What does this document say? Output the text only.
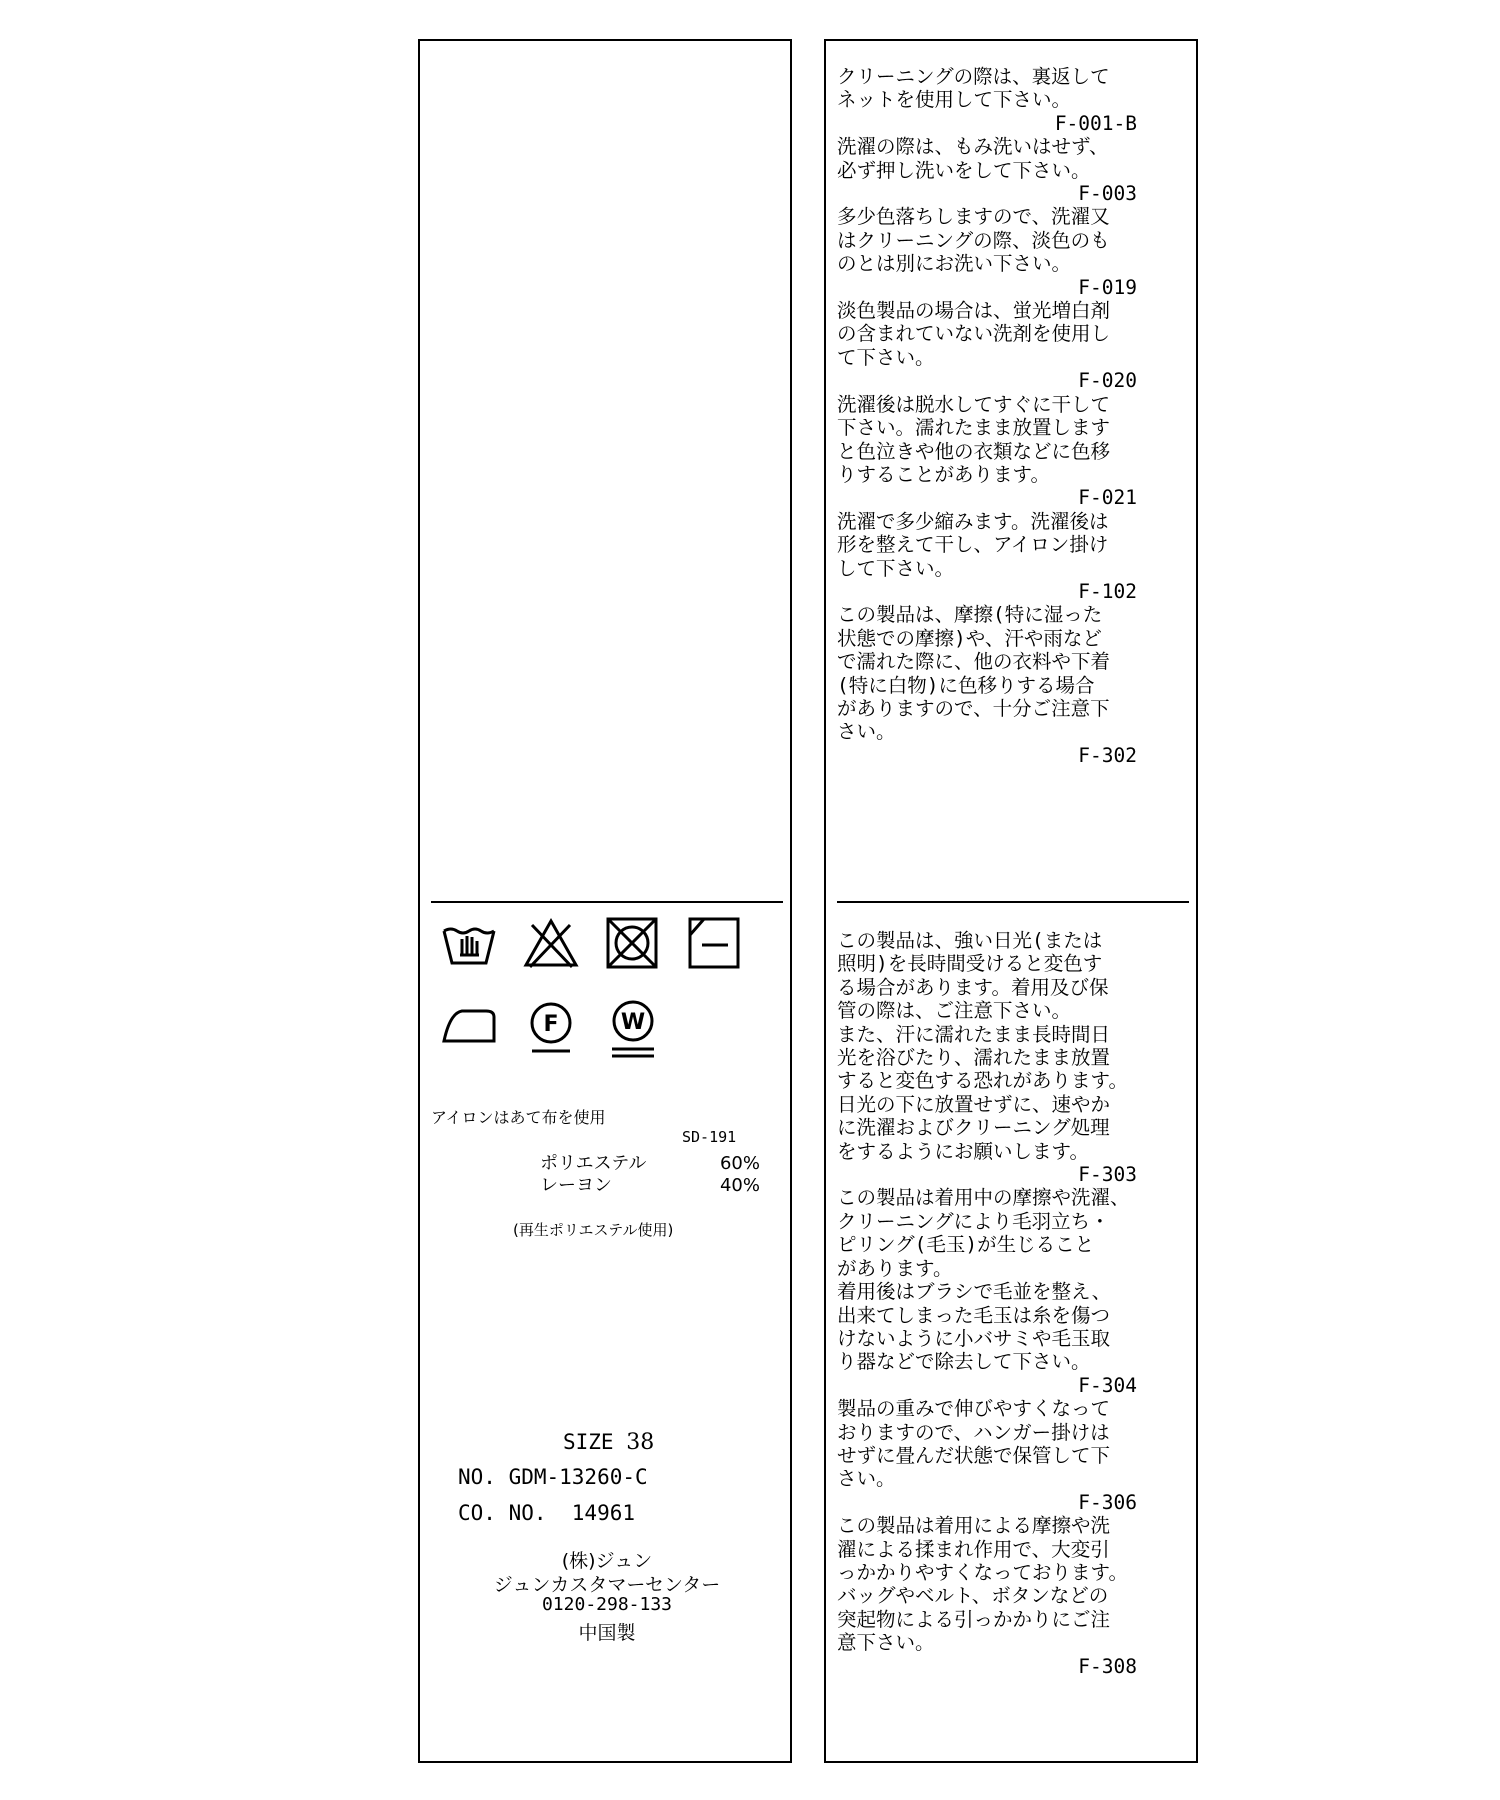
F	W
アイロンはあて布を使用
SD-191
ポリエステル	60%
レーヨン	40%
(再生ポリエステル使用)
SIZE 38
NO. GDM-13260-C
CO. NO.  14961
(株)ジュン
ジュンカスタマーセンター
0120-298-133
中国製
クリーニングの際は、裏返して
ネットを使用して下さい。
F-001-B
洗濯の際は、もみ洗いはせず、
必ず押し洗いをして下さい。
F-003
多少色落ちしますので、洗濯又
はクリーニングの際、淡色のも
のとは別にお洗い下さい。
F-019
淡色製品の場合は、蛍光増白剤
の含まれていない洗剤を使用し
て下さい。
F-020
洗濯後は脱水してすぐに干して
下さい。濡れたまま放置します
と色泣きや他の衣類などに色移
りすることがあります。
F-021
洗濯で多少縮みます。洗濯後は
形を整えて干し、アイロン掛け
して下さい。
F-102
この製品は、摩擦(特に湿った
状態での摩擦)や、汗や雨など
で濡れた際に、他の衣料や下着
(特に白物)に色移りする場合
がありますので、十分ご注意下
さい。
F-302
この製品は、強い日光(または
照明)を長時間受けると変色す
る場合があります。着用及び保
管の際は、ご注意下さい。
また、汗に濡れたまま長時間日
光を浴びたり、濡れたまま放置
すると変色する恐れがあります。
日光の下に放置せずに、速やか
に洗濯およびクリーニング処理
をするようにお願いします。
F-303
この製品は着用中の摩擦や洗濯、
クリーニングにより毛羽立ち・
ピリング(毛玉)が生じること
があります。
着用後はブラシで毛並を整え、
出来てしまった毛玉は糸を傷つ
けないように小バサミや毛玉取
り器などで除去して下さい。
F-304
製品の重みで伸びやすくなって
おりますので、ハンガー掛けは
せずに畳んだ状態で保管して下
さい。
F-306
この製品は着用による摩擦や洗
濯による揉まれ作用で、大変引
っかかりやすくなっております。
バッグやベルト、ボタンなどの
突起物による引っかかりにご注
意下さい。
F-308
